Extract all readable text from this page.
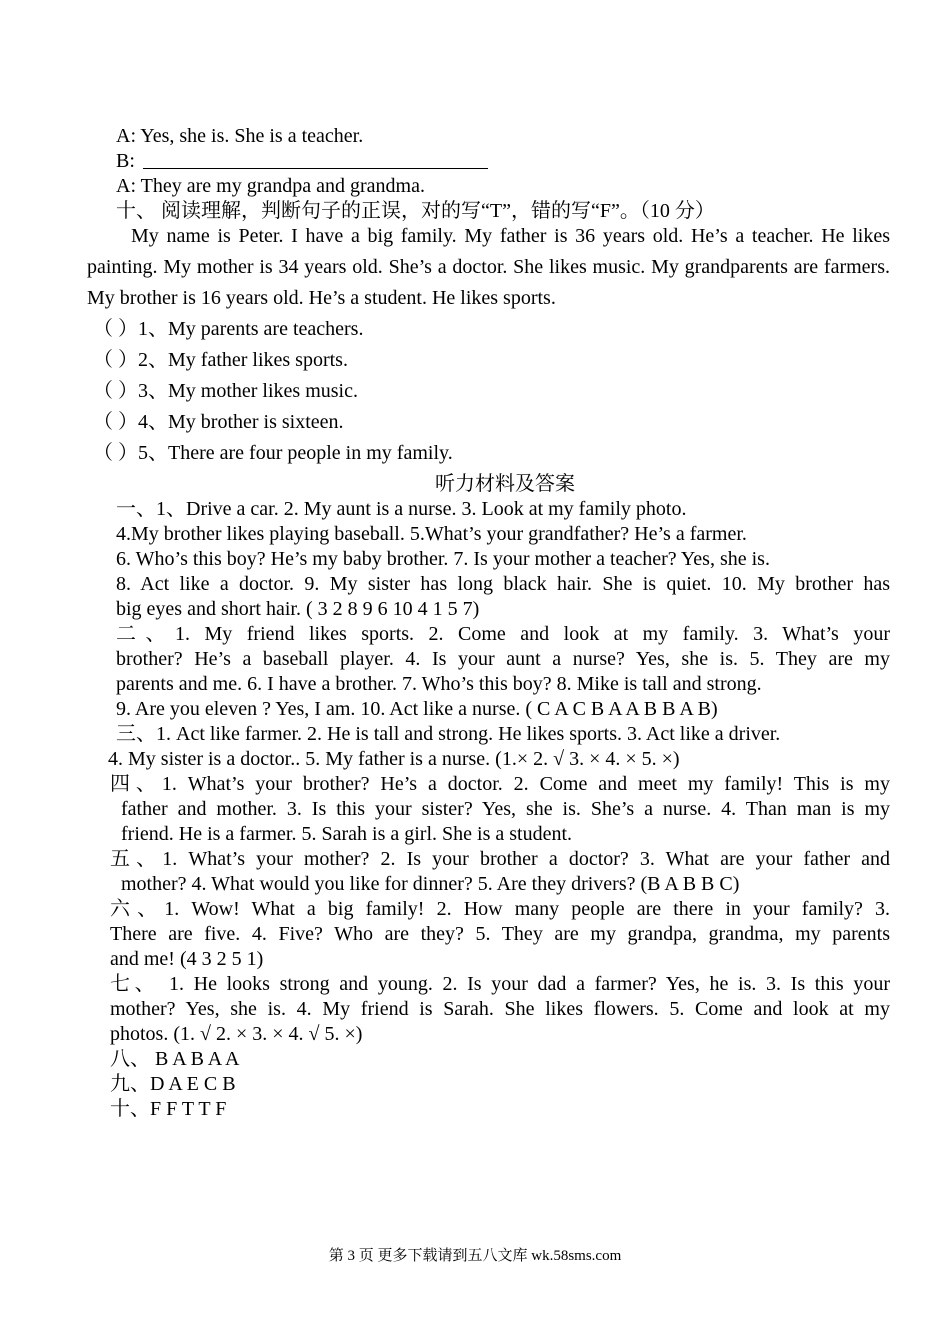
A: Yes, she is. She is a teacher.
B:
A: They are my grandpa and grandma.
十、 阅读理解，判断句子的正误，对的写“T”，错的写“F”。（10 分）
My name is Peter. I have a big family. My father is 36 years old. He’s a teacher. He likes painting. My mother is 34 years old. She’s a doctor. She likes music. My grandparents are farmers. My brother is 16 years old. He’s a student. He likes sports.
（ ）1、My parents are teachers.
（ ）2、My father likes sports.
（ ）3、My mother likes music.
（ ）4、My brother is sixteen.
（ ）5、There are four people in my family.
听力材料及答案
一、1、Drive a car. 2. My aunt is a nurse. 3. Look at my family photo.
4.My brother likes playing baseball. 5.What’s your grandfather? He’s a farmer.
6. Who’s this boy? He’s my baby brother. 7. Is your mother a teacher? Yes, she is.
8. Act like a doctor. 9. My sister has long black hair. She is quiet. 10. My brother has
big eyes and short hair. ( 3 2 8 9 6 10 4 1 5 7)
二、1. My friend likes sports. 2. Come and look at my family. 3. What’s your
brother? He’s a baseball player. 4. Is your aunt a nurse? Yes, she is. 5. They are my
parents and me. 6. I have a brother. 7. Who’s this boy? 8. Mike is tall and strong.
9. Are you eleven ? Yes, I am. 10. Act like a nurse. ( C A C B A A B B A B)
三、1. Act like farmer. 2. He is tall and strong. He likes sports. 3. Act like a driver.
4. My sister is a doctor.. 5. My father is a nurse. (1.× 2. √ 3. × 4. × 5. ×)
四、1. What’s your brother? He’s a doctor. 2. Come and meet my family! This is my
father and mother. 3. Is this your sister? Yes, she is. She’s a nurse. 4. Than man is my
friend. He is a farmer. 5. Sarah is a girl. She is a student.
五、1. What’s your mother? 2. Is your brother a doctor? 3. What are your father and
mother? 4. What would you like for dinner? 5. Are they drivers? (B A B B C)
六、1. Wow! What a big family! 2. How many people are there in your family? 3.
There are five. 4. Five? Who are they? 5. They are my grandpa, grandma, my parents
and me! (4 3 2 5 1)
七、 1. He looks strong and young. 2. Is your dad a farmer? Yes, he is. 3. Is this your
mother? Yes, she is. 4. My friend is Sarah. She likes flowers. 5. Come and look at my
photos. (1. √ 2. × 3. × 4. √ 5. ×)
八、 B A B A A
九、D A E C B
十、F F T T F
第 3 页 更多下载请到五八文库 wk.58sms.com
